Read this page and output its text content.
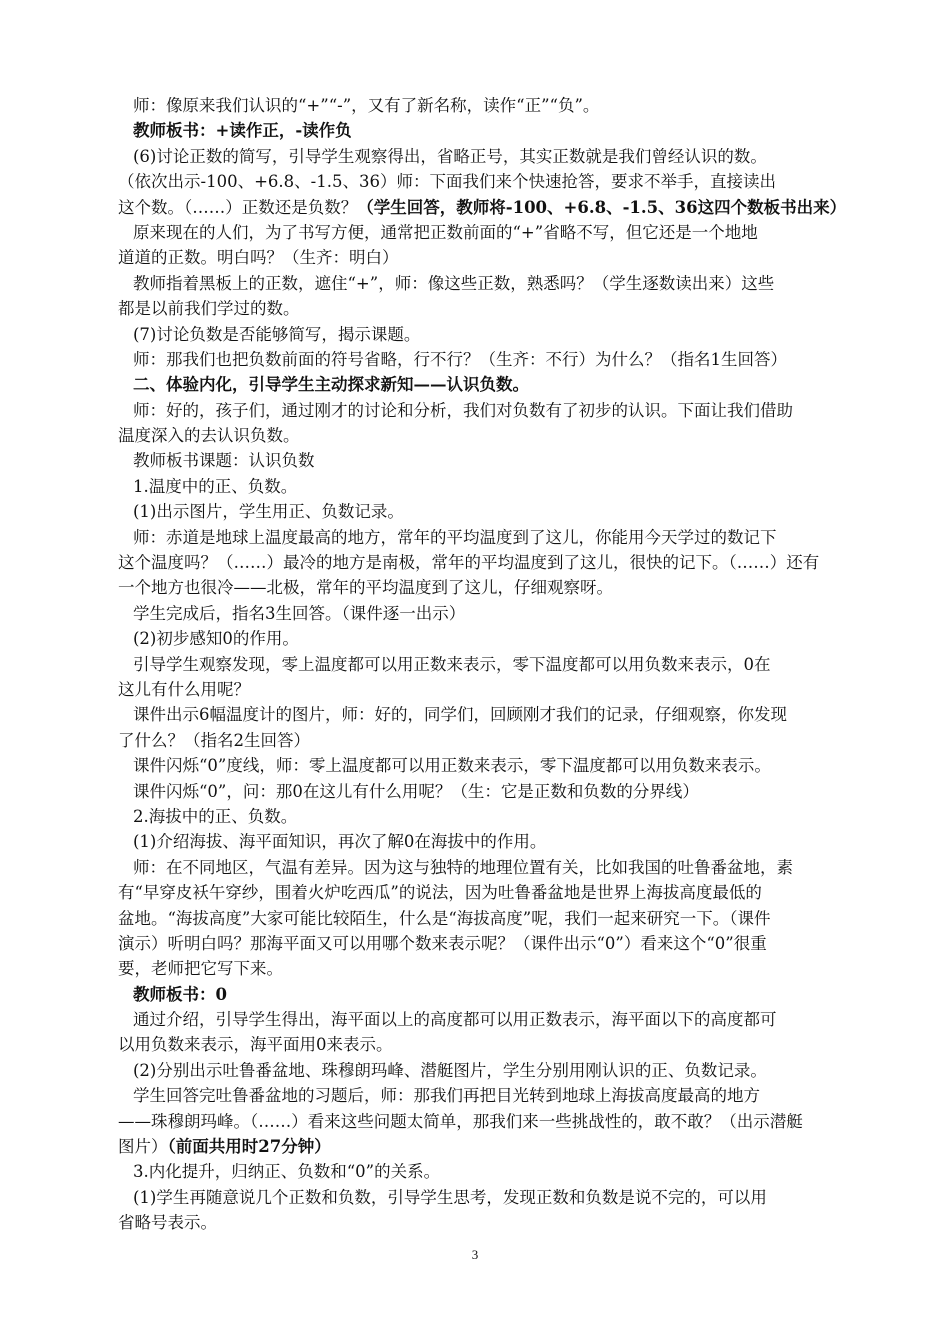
师：像原来我们认识的“+”“-”，又有了新名称，读作“正”“负”。

教师板书：+读作正，-读作负

(6)讨论正数的简写，引导学生观察得出，省略正号，其实正数就是我们曾经认识的数。

（依次出示-100、+6.8、-1.5、36）师：下面我们来个快速抢答，要求不举手，直接读出

这个数。（……）正数还是负数？（学生回答，教师将-100、+6.8、-1.5、36这四个数板书出来）

原来现在的人们，为了书写方便，通常把正数前面的“+”省略不写，但它还是一个地地

道道的正数。明白吗？（生齐：明白）

教师指着黑板上的正数，遮住“+”，师：像这些正数，熟悉吗？（学生逐数读出来）这些

都是以前我们学过的数。

(7)讨论负数是否能够简写，揭示课题。

师：那我们也把负数前面的符号省略，行不行？（生齐：不行）为什么？（指名1生回答）

二、体验内化，引导学生主动探求新知——认识负数。

师：好的，孩子们，通过刚才的讨论和分析，我们对负数有了初步的认识。下面让我们借助

温度深入的去认识负数。

教师板书课题：认识负数

1.温度中的正、负数。

(1)出示图片，学生用正、负数记录。

师：赤道是地球上温度最高的地方，常年的平均温度到了这儿，你能用今天学过的数记下

这个温度吗？（……）最冷的地方是南极，常年的平均温度到了这儿，很快的记下。（……）还有

一个地方也很冷——北极，常年的平均温度到了这儿，仔细观察呀。

学生完成后，指名3生回答。（课件逐一出示）

(2)初步感知0的作用。

引导学生观察发现，零上温度都可以用正数来表示，零下温度都可以用负数来表示，0在

这儿有什么用呢？

课件出示6幅温度计的图片，师：好的，同学们，回顾刚才我们的记录，仔细观察，你发现

了什么？（指名2生回答）

课件闪烁“0”度线，师：零上温度都可以用正数来表示，零下温度都可以用负数来表示。

课件闪烁“0”，问：那0在这儿有什么用呢？（生：它是正数和负数的分界线）

2.海拔中的正、负数。

(1)介绍海拔、海平面知识，再次了解0在海拔中的作用。

师：在不同地区，气温有差异。因为这与独特的地理位置有关，比如我国的吐鲁番盆地，素

有“早穿皮袄午穿纱，围着火炉吃西瓜”的说法，因为吐鲁番盆地是世界上海拔高度最低的

盆地。“海拔高度”大家可能比较陌生，什么是“海拔高度”呢，我们一起来研究一下。（课件

演示）听明白吗？那海平面又可以用哪个数来表示呢？（课件出示“0”）看来这个“0”很重

要，老师把它写下来。

教师板书：0

通过介绍，引导学生得出，海平面以上的高度都可以用正数表示，海平面以下的高度都可

以用负数来表示，海平面用0来表示。

(2)分别出示吐鲁番盆地、珠穆朗玛峰、潜艇图片，学生分别用刚认识的正、负数记录。

学生回答完吐鲁番盆地的习题后，师：那我们再把目光转到地球上海拔高度最高的地方

——珠穆朗玛峰。（……）看来这些问题太简单，那我们来一些挑战性的，敢不敢？（出示潜艇

图片）（前面共用时27分钟）

3.内化提升，归纳正、负数和“0”的关系。

(1)学生再随意说几个正数和负数，引导学生思考，发现正数和负数是说不完的，可以用

省略号表示。

3
